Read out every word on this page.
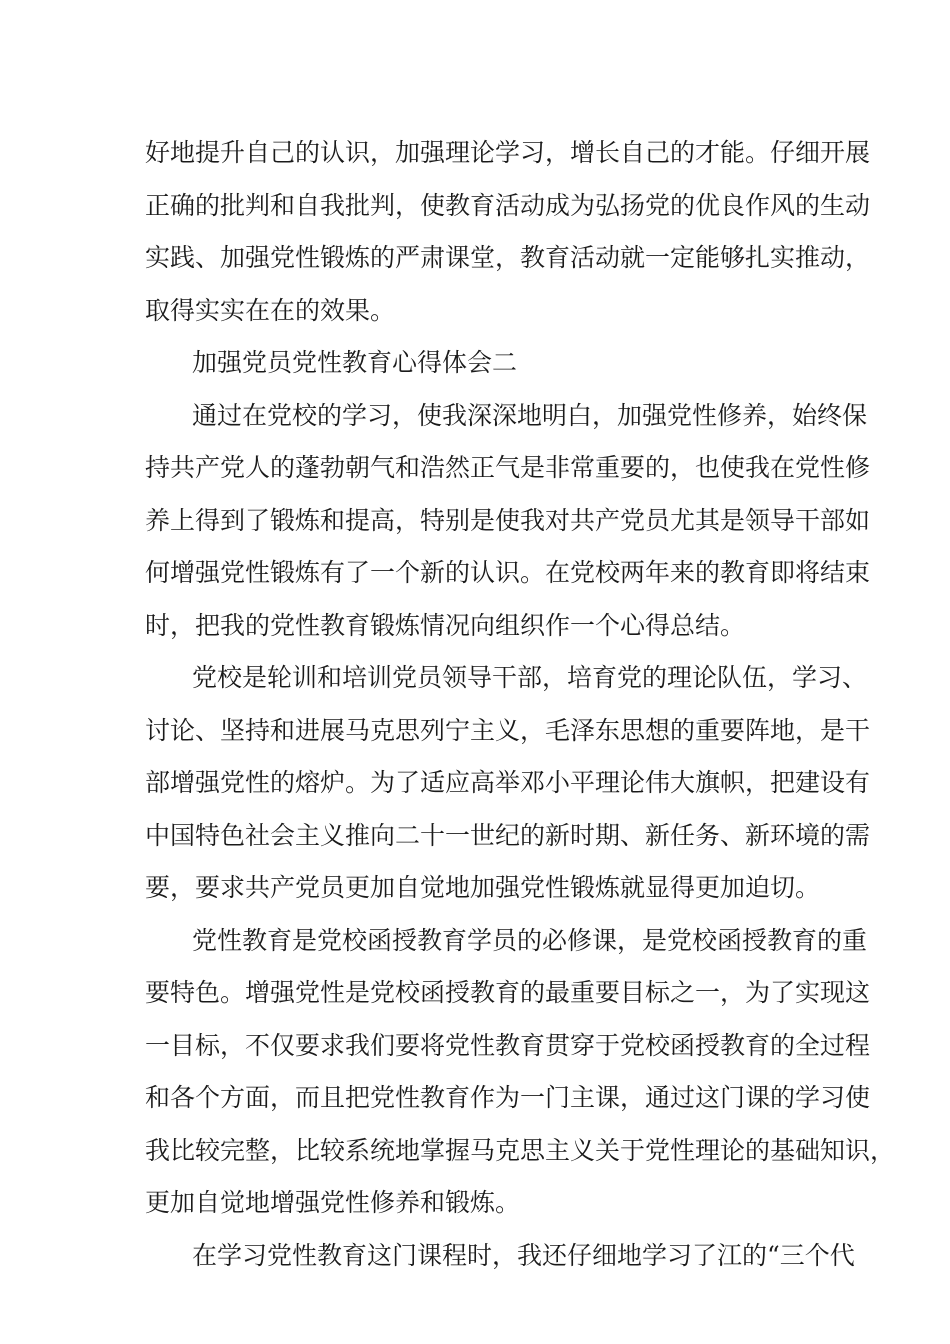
好地提升自己的认识，加强理论学习，增长自己的才能。仔细开展
正确的批判和自我批判，使教育活动成为弘扬党的优良作风的生动
实践、加强党性锻炼的严肃课堂，教育活动就一定能够扎实推动，
取得实实在在的效果。
加强党员党性教育心得体会二
通过在党校的学习，使我深深地明白，加强党性修养，始终保
持共产党人的蓬勃朝气和浩然正气是非常重要的，也使我在党性修
养上得到了锻炼和提高，特别是使我对共产党员尤其是领导干部如
何增强党性锻炼有了一个新的认识。在党校两年来的教育即将结束
时，把我的党性教育锻炼情况向组织作一个心得总结。
党校是轮训和培训党员领导干部，培育党的理论队伍，学习、
讨论、坚持和进展马克思列宁主义，毛泽东思想的重要阵地，是干
部增强党性的熔炉。为了适应高举邓小平理论伟大旗帜，把建设有
中国特色社会主义推向二十一世纪的新时期、新任务、新环境的需
要，要求共产党员更加自觉地加强党性锻炼就显得更加迫切。
党性教育是党校函授教育学员的必修课，是党校函授教育的重
要特色。增强党性是党校函授教育的最重要目标之一，为了实现这
一目标，不仅要求我们要将党性教育贯穿于党校函授教育的全过程
和各个方面，而且把党性教育作为一门主课，通过这门课的学习使
我比较完整，比较系统地掌握马克思主义关于党性理论的基础知识，
更加自觉地增强党性修养和锻炼。
在学习党性教育这门课程时，我还仔细地学习了江的“三个代
